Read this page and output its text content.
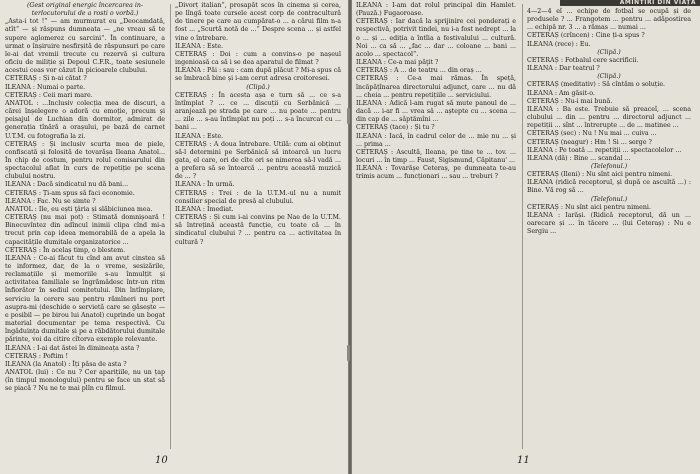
(Gest original energic încercarea in-terlocutorului de a rosti o vorbă.)

„Asta-i tot !“ — am murmurat eu „Deocamdată, atît“ — și răspuns dumneata — „ne vreau să te supere aglomerez cu sarcini“. În continuare, a urmat o înșiruire nesfirșită de răspunsuri pe care le-ai dat vremii trecute cu rezervă și cultura oficiu de miliție și Depoul C.F.R., toate sesiunele acestui ceas vor căzut în picioarele clubului.

CETERAȘ : Și n-ai cătat ?

ILEANA : Numai o parte.

CETERAȘ : Ceii mari mare.

ANATOL : ...Inclusiv colecția mea de discuri, a cărei înșelegere o adoră cu emoție, precum și peisajul de Luchian din dormitor, admirat de generația tînără a orașului, pe bază de carnet U.T.M. cu fotografia la zi.

CETERAȘ : Și inclusiv scurta mea de piele, confiscată și folosită de tovarășa Ileana Anatol... În chip de costum, pentru rolul comisarului din spectacolul aflat în curs de repetiție pe scena clubului nostru.

ILEANA : Dacă sindicatul nu dă bani...

CETERAȘ : Ți-am spus să faci economie.

ILEANA : Fac. Nu se simte ?

ANATOL : Ile, eu ești ţâria și slăbiciunea mea.

CETERAȘ (nu mai pot) : Stimată domnișoară ! Binecuvîntez din adîncul inimii clipa cînd mi-a trecut prin cap ideea memorabilă de a apela la capacitățile dumitale organizatorice ...

CETERAȘ : În acelaș timp, o blestem.

ILEANA : Ce-ai făcut tu cînd am avut cinstea să te informez, dar, de la o vreme, sesizările, reclamațiile și memoriile s-au înmulțit și activitatea familiale se îngrămădesc într-un ritm înfiorător în sediul comitetului. Din întîmplare, serviciu la cerere sau pentru rămîneri nu port asupra-mi (deschide o servietă care se găsește — e posibil — pe birou lui Anatol) cuprinde un bogat material documentar pe tema respectivă. Cu îngăduința dumitale și pe a răbdătorului dumitale părinte, voi da citire cîtorva exemple relevante.

ILEANA : I-ai dat ăstei în dimineața asta ?

CETERAȘ : Poftim !

ILEANA (la Anatol) : Îți păsa de asta ?

ANATOL (lui) : Ce nu ? Cer aparițiile, nu un țap (în timpul monologului) pentru se face un stat să se piacă ? Nu ne te mai plîn cu filmul.

„Divorț italian“, prosapăt scos în cinema și cerea, pe lîngă toate cursele acest corp de contracultură de tinere pe care au cumpărat-o ... a cărui film n-a fost ... „Scurtă notă de ...“ Despre scena ... și astfel vine o întrebare.

ILEANA : Este.

CETERAȘ : Doi : cum a convins-o pe nașeul ingenioasă ca să i se dea aparatul de filmat ?

ILEANA : Păi : sau : cam după plăcut ? Mi-a spus că se îmbracă bine și i-am cerut adresa croitoresei.

(Clipă.)

CETERAȘ : În acesta așa e turn să ... ce s-a întîmplat ? ... ce ... discuții cu Serbănică ... aranjează pe strada pe care ... nu poate ... pentru ... zile ... s-au întîmplat nu poți ... s-a încurcat cu ... bani ...

ILEANA : Este.

CETERAȘ : A doua întrebare. Utilă: cum ai obținut să-l determini pe Serbănică să intoarcă un lucru gata, el care, ori de cîte ori se nimerea să-l vadă ... a prefera să se întoarcă ... pentru această muzică de ... ?

ILEANA : În urmă.

CETERAȘ : Trei : de la U.T.M.-ul nu a numit consilier special de presă al clubului.

ILEANA : Imediat.

CETERAȘ : Și cum i-ai convins pe Nae de la U.T.M. să întrețină această funcție, cu toate că ... în sindicatul clubului ? ... pentru ca ... activitatea în cultură ?

10
AMINTIRI DIN VIAȚA

ILEANA : I-am dat rolul principal din Hamlet. (Pauză.) Fugaoroase.

CETERAȘ : Iar dacă la sprijinire cei ponderați e respectivă, potrivit tindei, nu i-a fost nedrept ... la o ... și ... ediția a întîia a festivalului ... cultură. Noi ... ca să ... „fac ... dar ... coloane ... bani ... acolo ... spectacol“.

ILEANA : Ce-a mai păţit ?

CETERAȘ : A ... de teatru ... din oraș ...

CETERAȘ : Ce-a mai rămas. În speță, încăpățînarea directorului adjunct, care ... nu dă ... cheia ... pentru repetițiile ... serviciului.

ILEANA : Adică l-am rugat să mute panoul de ... dacă ... i-ar fi ... vrea să ... aștepte cu ... scena ... din cap de ... săptămîni ...

CETERAȘ (tace) : Și tu ?

ILEANA : Iacă, în cadrul celor de ... mie nu ... și ... prima ...

CETERAȘ : Ascultă, Ileana, pe tine te ... tov. ... locuri ... în timp ... Faust, Sigismund, Căpitanu' ...

ILEANA : Tovarășe Ceteraș, pe dumneata te-au trimis acum ... funcționari ... sau ... treburi ?

4—2—4 eî ... echipe de fotbal se ocupă și de produsele ? ... Frangotem ... pentru ... adăpostirea ... echipă nr. 3 ... a rămas ... numai ...

CETERAȘ (crîncen) : Cine ți-a spus ?

ILEANA (rece) : Eu.

(Clipă.)

CETERAȘ : Fotbalul cere sacrificii.

ILEANA : Dar teatrul ?

(Clipă.)

CETERAȘ (meditativ) : Să cîntăm o soluție.

ILEANA : Am găsit-o.

CETERAȘ : Nu-i mai bună.

ILEANA : Ba este. Trebuie să preaceî, ... scena clubului ... din ... pentru ... directorul adjunct ... repetiții ... sînt ... întrerupte ... de ... matinee ...

CETERAȘ (sec) : Nu ! Nu mai ... cuiva ...

CETERAȘ (neagur) : Hm ! Si ... serge ?

ILEANA : Pe toată ... repetiții ... spectacolelor ...

ILEANA (dă) : Bine ... scandal ...

(Telefonul.)

CETERAȘ (Ileni) : Nu sînt aici pentru nimeni.

ILEANA (ridică receptorul, și după ce ascultă ...) : Bine. Vă rog să ...

(Telefonul.)

CETERAȘ : Nu sînt aici pentru nimeni.

ILEANA : Iarăși. (Ridică receptorul, dă un ... oarecare și ... în tăcere ... (lui Ceteraș) : Nu e Sergiu ...

11
